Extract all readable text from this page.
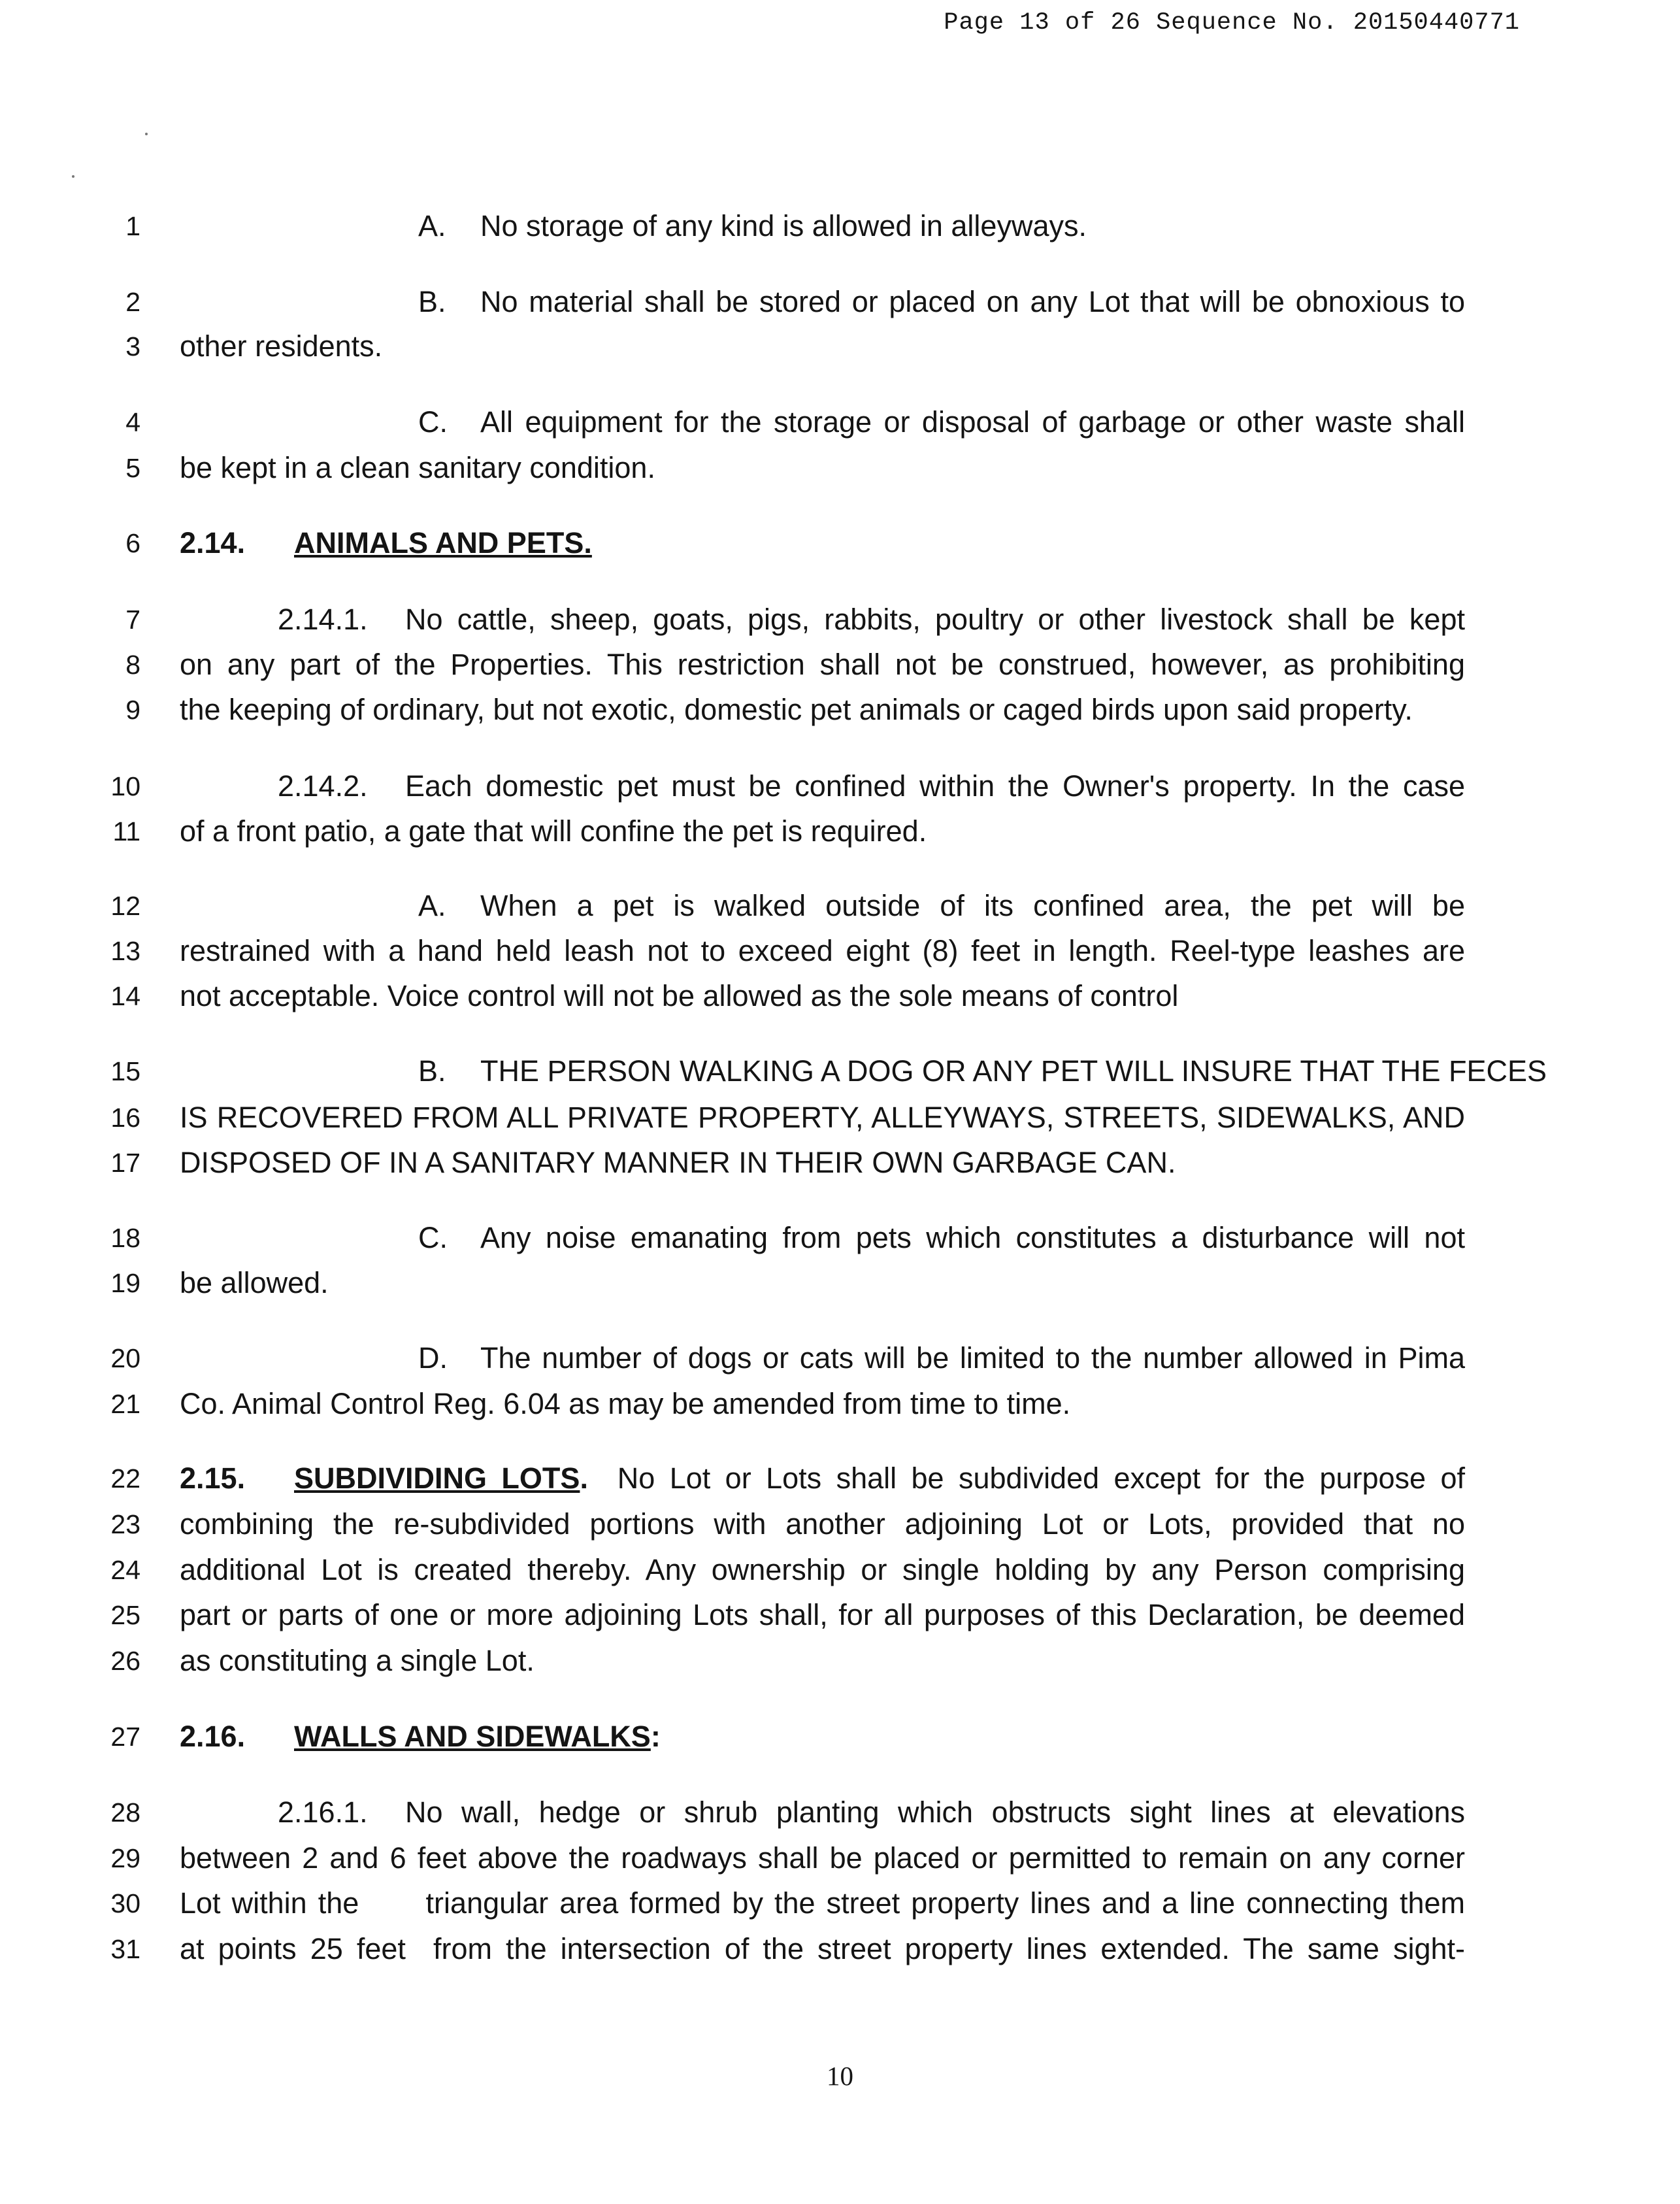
Page 13 of 26 Sequence No. 20150440771
1
2
3
4
5
6
7
8
9
10
11
12
13
14
15
16
17
18
19
20
21
22
23
24
25
26
27
28
29
30
31
A. No storage of any kind is allowed in alleyways.
B. No material shall be stored or placed on any Lot that will be obnoxious to
other residents.
C. All equipment for the storage or disposal of garbage or other waste shall
be kept in a clean sanitary condition.
2.14. ANIMALS AND PETS.
2.14.1. No cattle, sheep, goats, pigs, rabbits, poultry or other livestock shall be kept
on any part of the Properties. This restriction shall not be construed, however, as prohibiting
the keeping of ordinary, but not exotic, domestic pet animals or caged birds upon said property.
2.14.2. Each domestic pet must be confined within the Owner's property. In the case
of a front patio, a gate that will confine the pet is required.
A. When a pet is walked outside of its confined area, the pet will be
restrained with a hand held leash not to exceed eight (8) feet in length. Reel-type leashes are
not acceptable. Voice control will not be allowed as the sole means of control
B. THE PERSON WALKING A DOG OR ANY PET WILL INSURE THAT THE FECES
IS RECOVERED FROM ALL PRIVATE PROPERTY, ALLEYWAYS, STREETS, SIDEWALKS, AND
DISPOSED OF IN A SANITARY MANNER IN THEIR OWN GARBAGE CAN.
C. Any noise emanating from pets which constitutes a disturbance will not
be allowed.
D. The number of dogs or cats will be limited to the number allowed in Pima
Co. Animal Control Reg. 6.04 as may be amended from time to time.
2.15. SUBDIVIDING LOTS. No Lot or Lots shall be subdivided except for the purpose of
combining the re-subdivided portions with another adjoining Lot or Lots, provided that no
additional Lot is created thereby. Any ownership or single holding by any Person comprising
part or parts of one or more adjoining Lots shall, for all purposes of this Declaration, be deemed
as constituting a single Lot.
2.16. WALLS AND SIDEWALKS:
2.16.1. No wall, hedge or shrub planting which obstructs sight lines at elevations
between 2 and 6 feet above the roadways shall be placed or permitted to remain on any corner
Lot within the      triangular area formed by the street property lines and a line connecting them
at points 25 feet  from the intersection of the street property lines extended. The same sight-
10
